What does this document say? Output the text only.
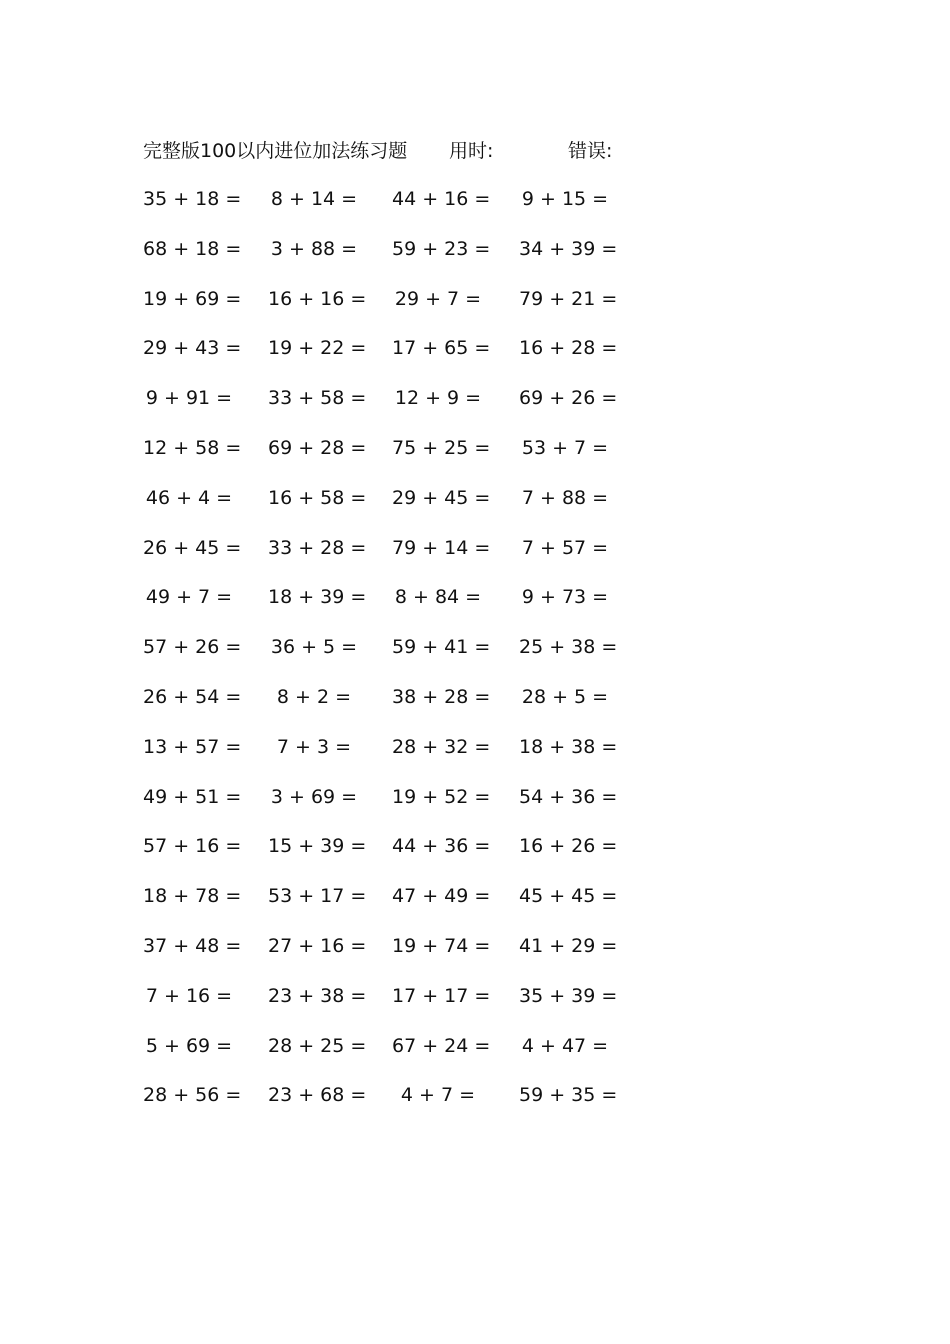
完整版100以内进位加法练习题 用时:	错误:
35 + 18 = 8 + 14 = 44 + 16 = 9 + 15 =
68 + 18 = 3 + 88 = 59 + 23 = 34 + 39 =
19 + 69 = 16 + 16 = 29 + 7 = 79 + 21 =
29 + 43 = 19 + 22 = 17 + 65 = 16 + 28 =
9 + 91 = 33 + 58 = 12 + 9 = 69 + 26 =
12 + 58 = 69 + 28 = 75 + 25 = 53 + 7 =
46 + 4 = 16 + 58 = 29 + 45 = 7 + 88 =
26 + 45 = 33 + 28 = 79 + 14 = 7 + 57 =
49 + 7 = 18 + 39 = 8 + 84 = 9 + 73 =
57 + 26 = 36 + 5 = 59 + 41 = 25 + 38 =
26 + 54 =	8 + 2 =	38 + 28 = 28 + 5 =
13 + 57 =	7 + 3 =	28 + 32 = 18 + 38 =
49 + 51 = 3 + 69 = 19 + 52 = 54 + 36 =
57 + 16 = 15 + 39 = 44 + 36 = 16 + 26 =
18 + 78 = 53 + 17 = 47 + 49 = 45 + 45 =
37 + 48 = 27 + 16 = 19 + 74 = 41 + 29 =
7 + 16 = 23 + 38 = 17 + 17 = 35 + 39 =
5 + 69 = 28 + 25 = 67 + 24 = 4 + 47 =
28 + 56 = 23 + 68 =	4 + 7 =	59 + 35 =
